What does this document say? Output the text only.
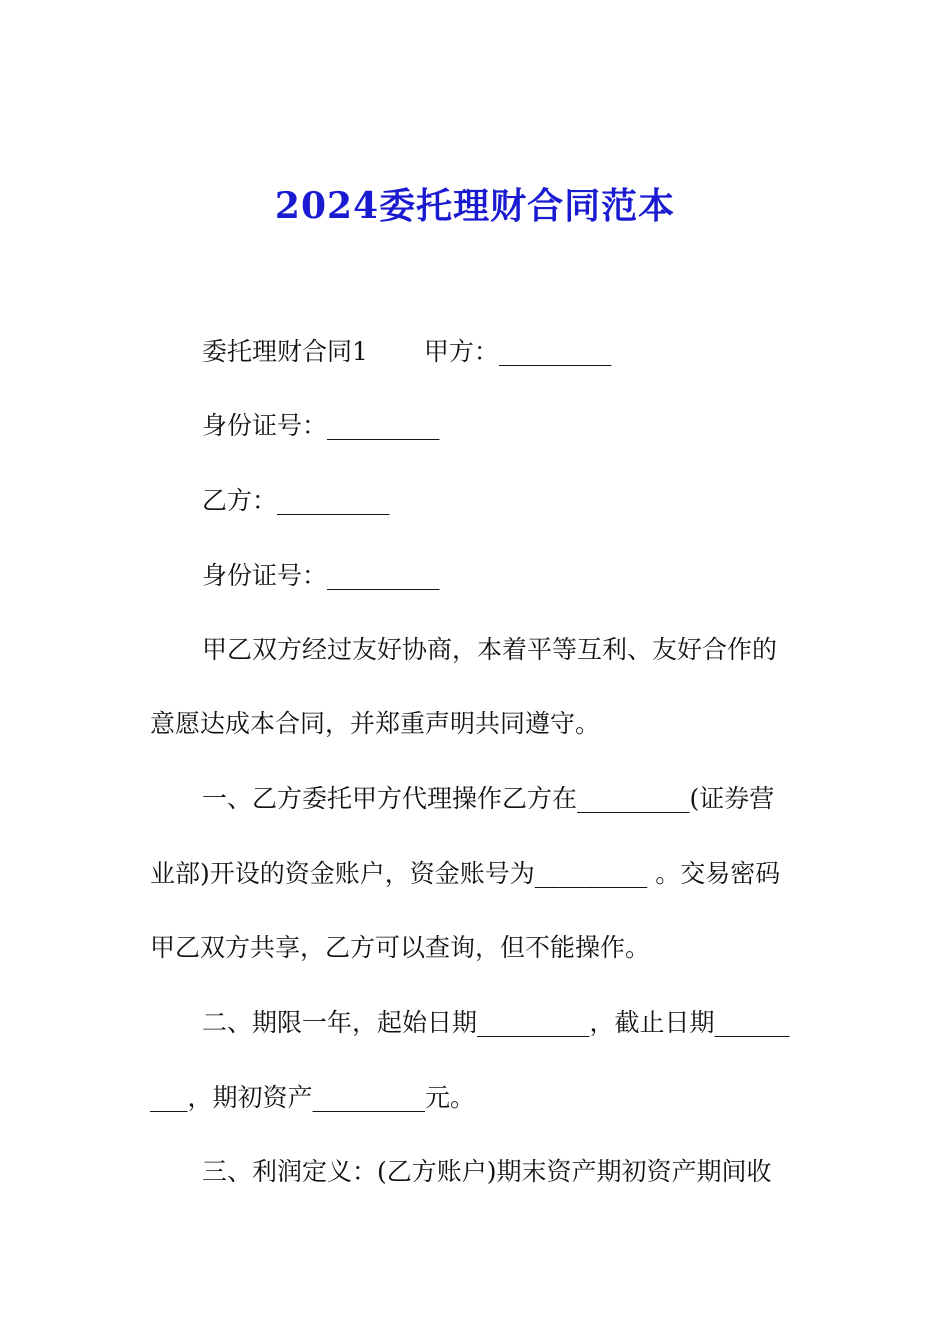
2024委托理财合同范本
委托理财合同1 甲方：_________
身份证号：_________
乙方：_________
身份证号：_________
甲乙双方经过友好协商，本着平等互利、友好合作的
意愿达成本合同，并郑重声明共同遵守。
一、乙方委托甲方代理操作乙方在_________(证券营
业部)开设的资金账户，资金账号为_________ 。交易密码
甲乙双方共享，乙方可以查询，但不能操作。
二、期限一年，起始日期_________，截止日期______
___，期初资产_________元。
三、利润定义：(乙方账户)期末资产期初资产期间收
